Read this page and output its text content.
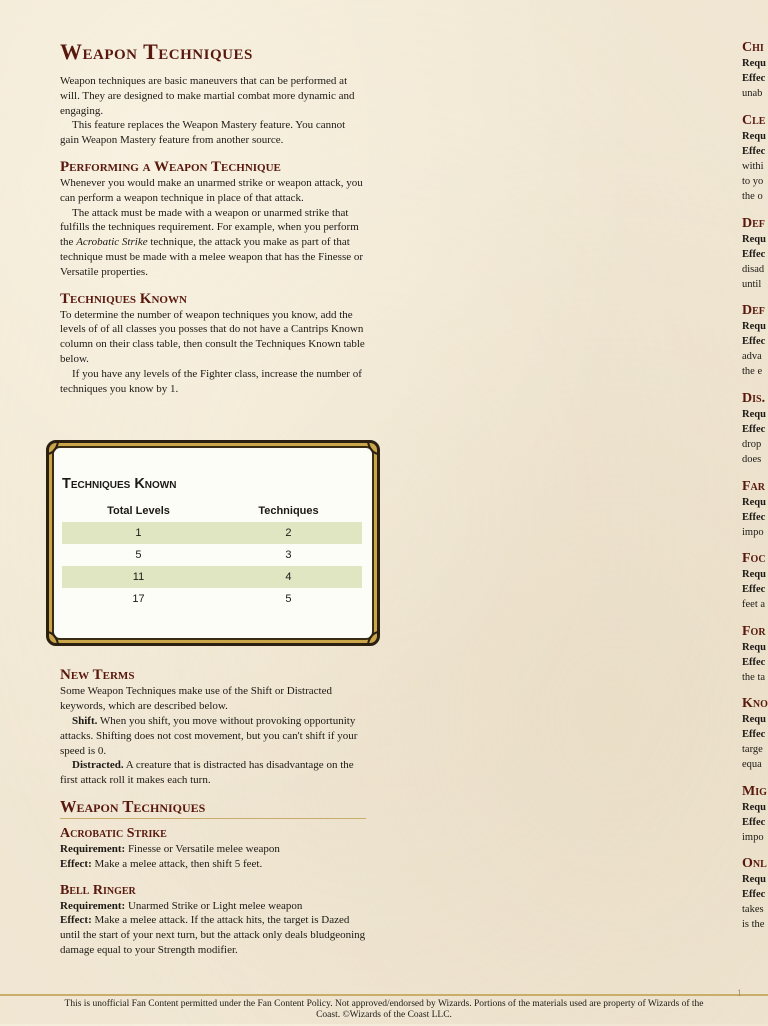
Weapon Techniques

Weapon techniques are basic maneuvers that can be performed at will. They are designed to make martial combat more dynamic and engaging.

This feature replaces the Weapon Mastery feature. You cannot gain Weapon Mastery feature from another source.

Performing a Weapon Technique

Whenever you would make an unarmed strike or weapon attack, you can perform a weapon technique in place of that attack.

The attack must be made with a weapon or unarmed strike that fulfills the techniques requirement. For example, when you perform the Acrobatic Strike technique, the attack you make as part of that technique must be made with a melee weapon that has the Finesse or Versatile properties.

Techniques Known

To determine the number of weapon techniques you know, add the levels of of all classes you posses that do not have a Cantrips Known column on their class table, then consult the Techniques Known table below.

If you have any levels of the Fighter class, increase the number of techniques you know by 1.

New Terms

Some Weapon Techniques make use of the Shift or Distracted keywords, which are described below.

Shift. When you shift, you move without provoking opportunity attacks. Shifting does not cost movement, but you can't shift if your speed is 0.

Distracted. A creature that is distracted has disadvantage on the first attack roll it makes each turn.

Weapon Techniques
Acrobatic Strike

Requirement: Finesse or Versatile melee weapon

Effect: Make a melee attack, then shift 5 feet.

Bell Ringer

Requirement: Unarmed Strike or Light melee weapon

Effect: Make a melee attack. If the attack hits, the target is Dazed until the start of your next turn, but the attack only deals bludgeoning damage equal to your Strength modifier.

Techniques Known
Total Levels	Techniques
1	2
5	3
11	4
17	5
Chi
Requ
Effec
unab
Cle
Requ
Effec
withi
to yo
the o
Def
Requ
Effec
disad
until
Def
Requ
Effec
adva
the e
Dis.
Requ
Effec
drop
does
Far
Requ
Effec
impo
Foc
Requ
Effec
feet a
For
Requ
Effec
the ta
Kno
Requ
Effec
targe
equa
Mig
Requ
Effec
impo
Onl
Requ
Effec
takes
is the
This is unofficial Fan Content permitted under the Fan Content Policy. Not approved/endorsed by Wizards. Portions of the materials used are property of Wizards of the Coast. ©Wizards of the Coast LLC.
1
